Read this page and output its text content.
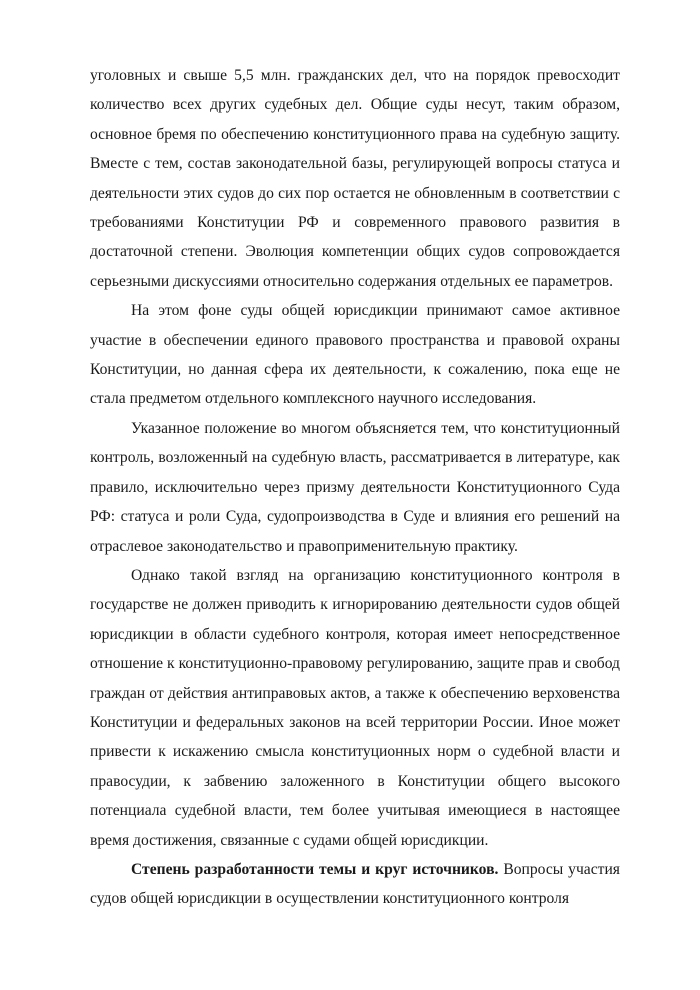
уголовных и свыше 5,5 млн. гражданских дел, что на порядок превосходит количество всех других судебных дел. Общие суды несут, таким образом, основное бремя по обеспечению конституционного права на судебную защиту. Вместе с тем, состав законодательной базы, регулирующей вопросы статуса и деятельности этих судов до сих пор остается не обновленным в соответствии с требованиями Конституции РФ и современного правового развития в достаточной степени. Эволюция компетенции общих судов сопровождается серьезными дискуссиями относительно содержания отдельных ее параметров.

На этом фоне суды общей юрисдикции принимают самое активное участие в обеспечении единого правового пространства и правовой охраны Конституции, но данная сфера их деятельности, к сожалению, пока еще не стала предметом отдельного комплексного научного исследования.

Указанное положение во многом объясняется тем, что конституционный контроль, возложенный на судебную власть, рассматривается в литературе, как правило, исключительно через призму деятельности Конституционного Суда РФ: статуса и роли Суда, судопроизводства в Суде и влияния его решений на отраслевое законодательство и правоприменительную практику.

Однако такой взгляд на организацию конституционного контроля в государстве не должен приводить к игнорированию деятельности судов общей юрисдикции в области судебного контроля, которая имеет непосредственное отношение к конституционно-правовому регулированию, защите прав и свобод граждан от действия антиправовых актов, а также к обеспечению верховенства Конституции и федеральных законов на всей территории России. Иное может привести к искажению смысла конституционных норм о судебной власти и правосудии, к забвению заложенного в Конституции общего высокого потенциала судебной власти, тем более учитывая имеющиеся в настоящее время достижения, связанные с судами общей юрисдикции.

Степень разработанности темы и круг источников. Вопросы участия судов общей юрисдикции в осуществлении конституционного контроля
